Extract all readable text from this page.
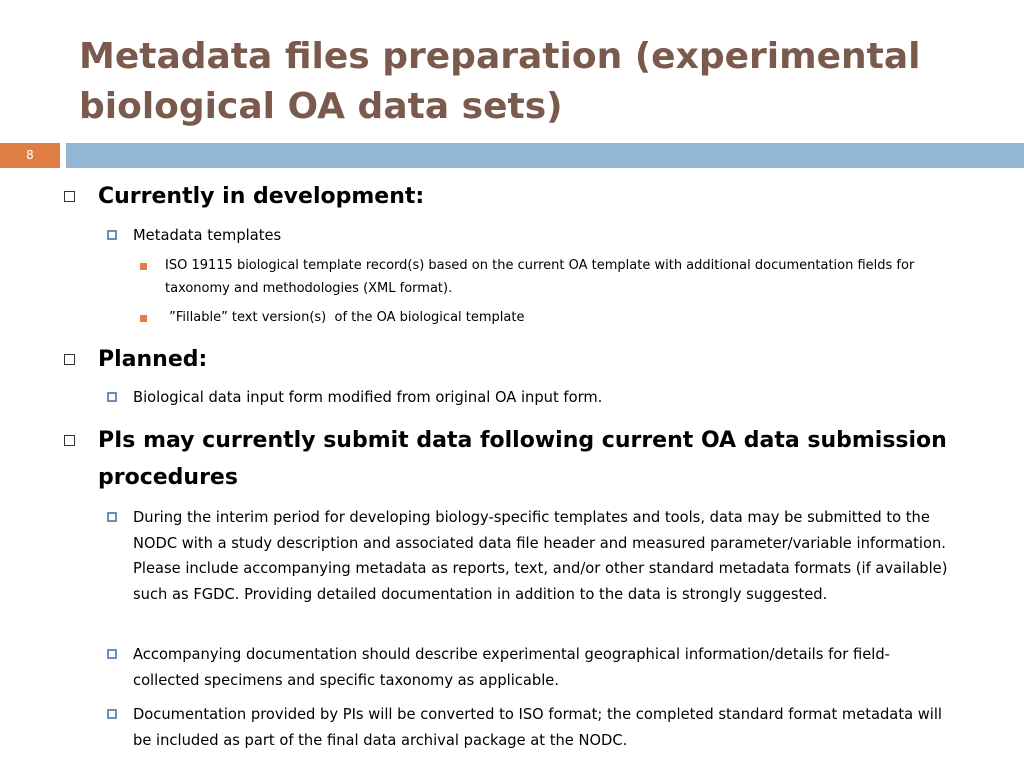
Metadata files preparation (experimental biological OA data sets)
8
Currently in development:
Metadata templates
ISO 19115 biological template record(s) based on the current OA template with additional documentation fields for taxonomy and methodologies (XML format).
”Fillable” text version(s)  of the OA biological template
Planned:
Biological data input form modified from original OA input form.
PIs may currently submit data following current OA data submission procedures
During the interim period for developing biology-specific templates and tools, data may be submitted to the NODC with a study description and associated data file header and measured parameter/variable information. Please include accompanying metadata as reports, text, and/or other standard metadata formats (if available) such as FGDC. Providing detailed documentation in addition to the data is strongly suggested.
Accompanying documentation should describe experimental geographical information/details for field-collected specimens and specific taxonomy as applicable.
Documentation provided by PIs will be converted to ISO format; the completed standard format metadata will be included as part of the final data archival package at the NODC.
